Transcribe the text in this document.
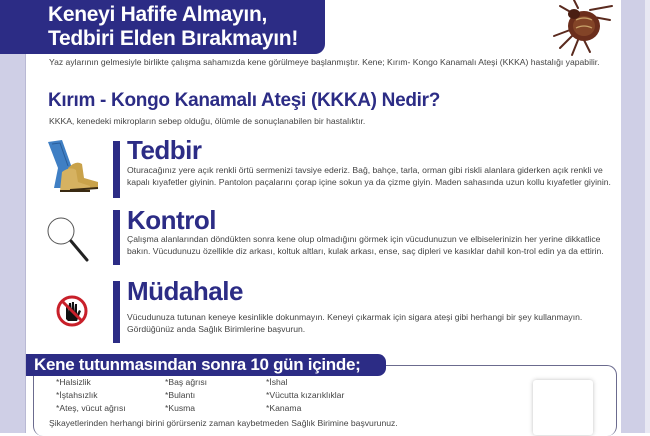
Keneyi Hafife Almayın,
Tedbiri Elden Bırakmayın!
Yaz aylarının gelmesiyle birlikte çalışma sahamızda kene görülmeye başlanmıştır. Kene; Kırım- Kongo Kanamalı Ateşi (KKKA) hastalığı yapabilir.
Kırım - Kongo Kanamalı Ateşi (KKKA) Nedir?
KKKA, kenedeki mikropların sebep olduğu, ölümle de sonuçlanabilen bir hastalıktır.
Tedbir
Oturacağınız yere açık renkli örtü sermenizi tavsiye ederiz. Bağ, bahçe, tarla, orman gibi riskli alanlara giderken açık renkli ve kapalı kıyafetler giyinin. Pantolon paçalarını çorap içine sokun ya da çizme giyin. Maden sahasında uzun kollu kıyafetler giyinin.
Kontrol
Çalışma alanlarından döndükten sonra kene olup olmadığını görmek için vücudunuzun ve elbiselerinizin her yerine dikkatlice bakın. Vücudunuzu özellikle diz arkası, koltuk altları, kulak arkası, ense, saç dipleri ve kasıklar dahil kon-trol edin ya da ettirin.
Müdahale
Vücudunuza tutunan keneye kesinlikle dokunmayın. Keneyi çıkarmak için sigara ateşi gibi herhangi bir şey kullanmayın. Gördüğünüz anda Sağlık Birimlerine başvurun.
Kene tutunmasından sonra 10 gün içinde;
*Halsizlik
*İştahsızlık
*Ateş, vücut ağrısı
*Baş ağrısı
*Bulantı
*Kusma
*İshal
*Vücutta kızarıklıklar
*Kanama
Şikayetlerinden herhangi birini görürseniz zaman kaybetmeden Sağlık Birimine başvurunuz.
